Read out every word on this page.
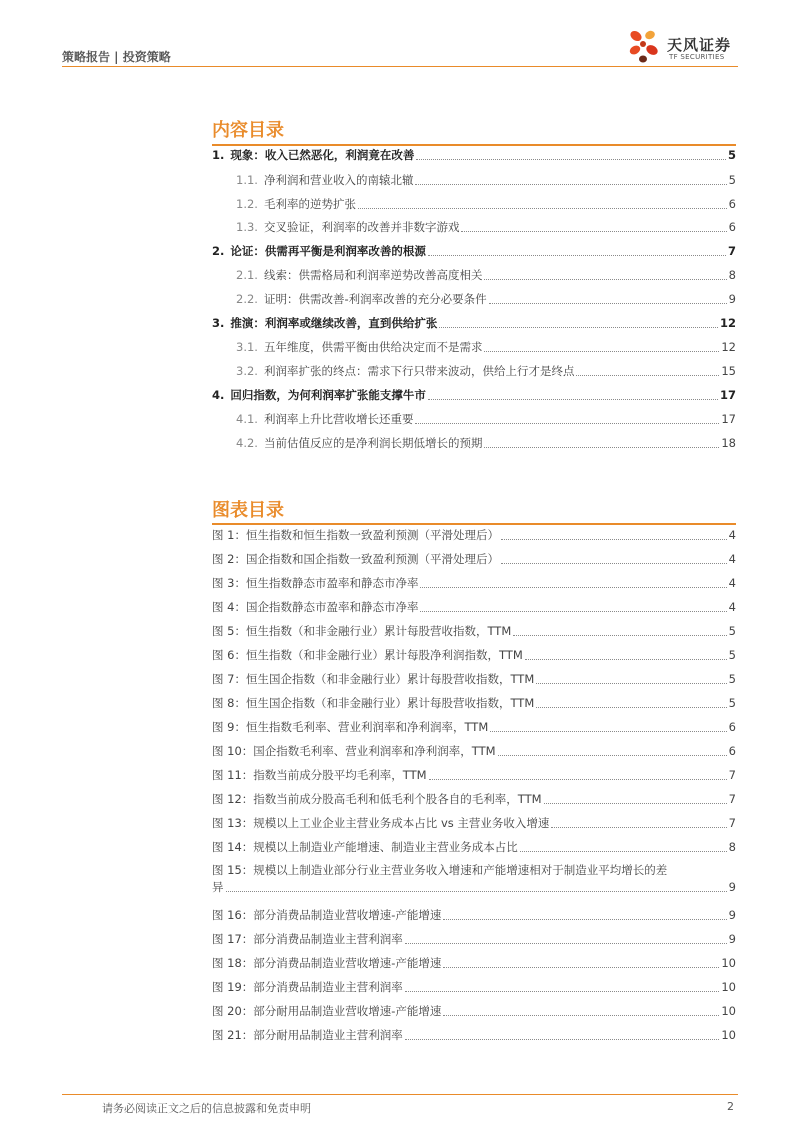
策略报告 | 投资策略
天风证券
TF SECURITIES
内容目录
1. 现象：收入已然恶化，利润竟在改善	5
1.1. 净利润和营业收入的南辕北辙	5
1.2. 毛利率的逆势扩张	6
1.3. 交叉验证，利润率的改善并非数字游戏	6
2. 论证：供需再平衡是利润率改善的根源	7
2.1. 线索：供需格局和利润率逆势改善高度相关	8
2.2. 证明：供需改善-利润率改善的充分必要条件	9
3. 推演：利润率或继续改善，直到供给扩张	12
3.1. 五年维度，供需平衡由供给决定而不是需求	12
3.2. 利润率扩张的终点：需求下行只带来波动，供给上行才是终点	15
4. 回归指数，为何利润率扩张能支撑牛市	17
4.1. 利润率上升比营收增长还重要	17
4.2. 当前估值反应的是净利润长期低增长的预期	18
图表目录
图 1：恒生指数和恒生指数一致盈利预测（平滑处理后）	4
图 2：国企指数和国企指数一致盈利预测（平滑处理后）	4
图 3：恒生指数静态市盈率和静态市净率	4
图 4：国企指数静态市盈率和静态市净率	4
图 5：恒生指数（和非金融行业）累计每股营收指数，TTM	5
图 6：恒生指数（和非金融行业）累计每股净利润指数，TTM	5
图 7：恒生国企指数（和非金融行业）累计每股营收指数，TTM	5
图 8：恒生国企指数（和非金融行业）累计每股营收指数，TTM	5
图 9：恒生指数毛利率、营业利润率和净利润率，TTM	6
图 10：国企指数毛利率、营业利润率和净利润率，TTM	6
图 11：指数当前成分股平均毛利率，TTM	7
图 12：指数当前成分股高毛利和低毛利个股各自的毛利率，TTM	7
图 13：规模以上工业企业主营业务成本占比 vs 主营业务收入增速	7
图 14：规模以上制造业产能增速、制造业主营业务成本占比	8
图 15：规模以上制造业部分行业主营业务收入增速和产能增速相对于制造业平均增长的差
异	9
图 16：部分消费品制造业营收增速-产能增速	9
图 17：部分消费品制造业主营利润率	9
图 18：部分消费品制造业营收增速-产能增速	10
图 19：部分消费品制造业主营利润率	10
图 20：部分耐用品制造业营收增速-产能增速	10
图 21：部分耐用品制造业主营利润率	10
请务必阅读正文之后的信息披露和免责申明	2
